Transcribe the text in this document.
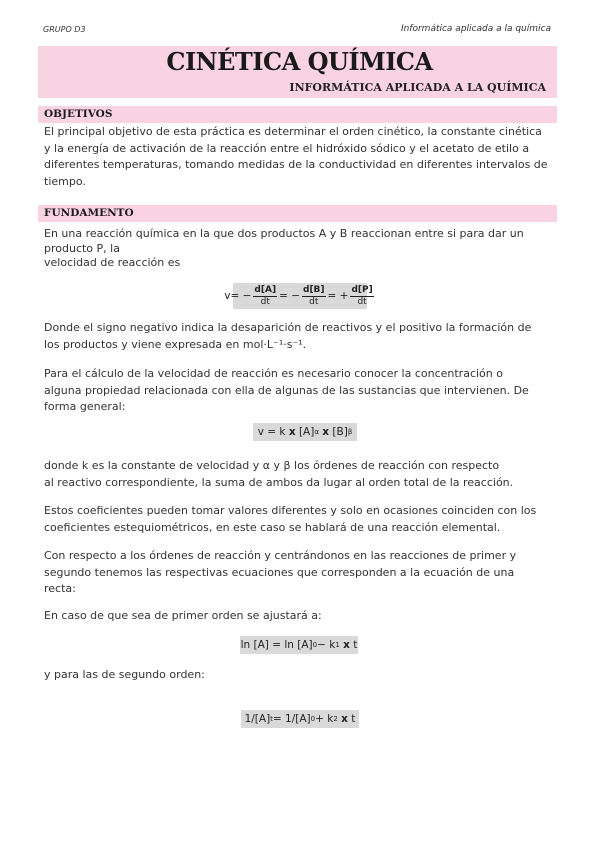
GRUPO D3	Informática aplicada a la química
CINÉTICA QUÍMICA
INFORMÁTICA APLICADA A LA QUÍMICA
OBJETIVOS
El principal objetivo de esta práctica es determinar el orden cinético, la constante cinética
y la energía de activación de la reacción entre el hidróxido sódico y el acetato de etilo a
diferentes temperaturas, tomando medidas de la conductividad en diferentes intervalos de
tiempo.
FUNDAMENTO
En una reacción química en la que dos productos A y B reaccionan entre si para dar un
producto P, la
velocidad de reacción es
v = − $\frac{d[A]}{dt}$ = − $\frac{d[B]}{dt}$ = + $\frac{d[P]}{dt}$
Donde el signo negativo indica la desaparición de reactivos y el positivo la formación de
los productos y viene expresada en mol·L⁻¹·s⁻¹.
Para el cálculo de la velocidad de reacción es necesario conocer la concentración o
alguna propiedad relacionada con ella de algunas de las sustancias que intervienen. De
forma general:
v = k
x
[A] α
x
[B] β
donde k es la constante de velocidad y α y β los órdenes de reacción con respecto
al reactivo correspondiente, la suma de ambos da lugar al orden total de la reacción.
Estos coeficientes pueden tomar valores diferentes y solo en ocasiones coinciden con los
coeficientes estequiométricos, en este caso se hablará de una reacción elemental.
Con respecto a los órdenes de reacción y centrándonos en las reacciones de primer y
segundo tenemos las respectivas ecuaciones que corresponden a la ecuación de una
recta:
En caso de que sea de primer orden se ajustará a:
ln [A] = ln [A] 0 − k 1
x
t
y para las de segundo orden:
1/[A] t = 1/[A] 0 + k 2
x
t
